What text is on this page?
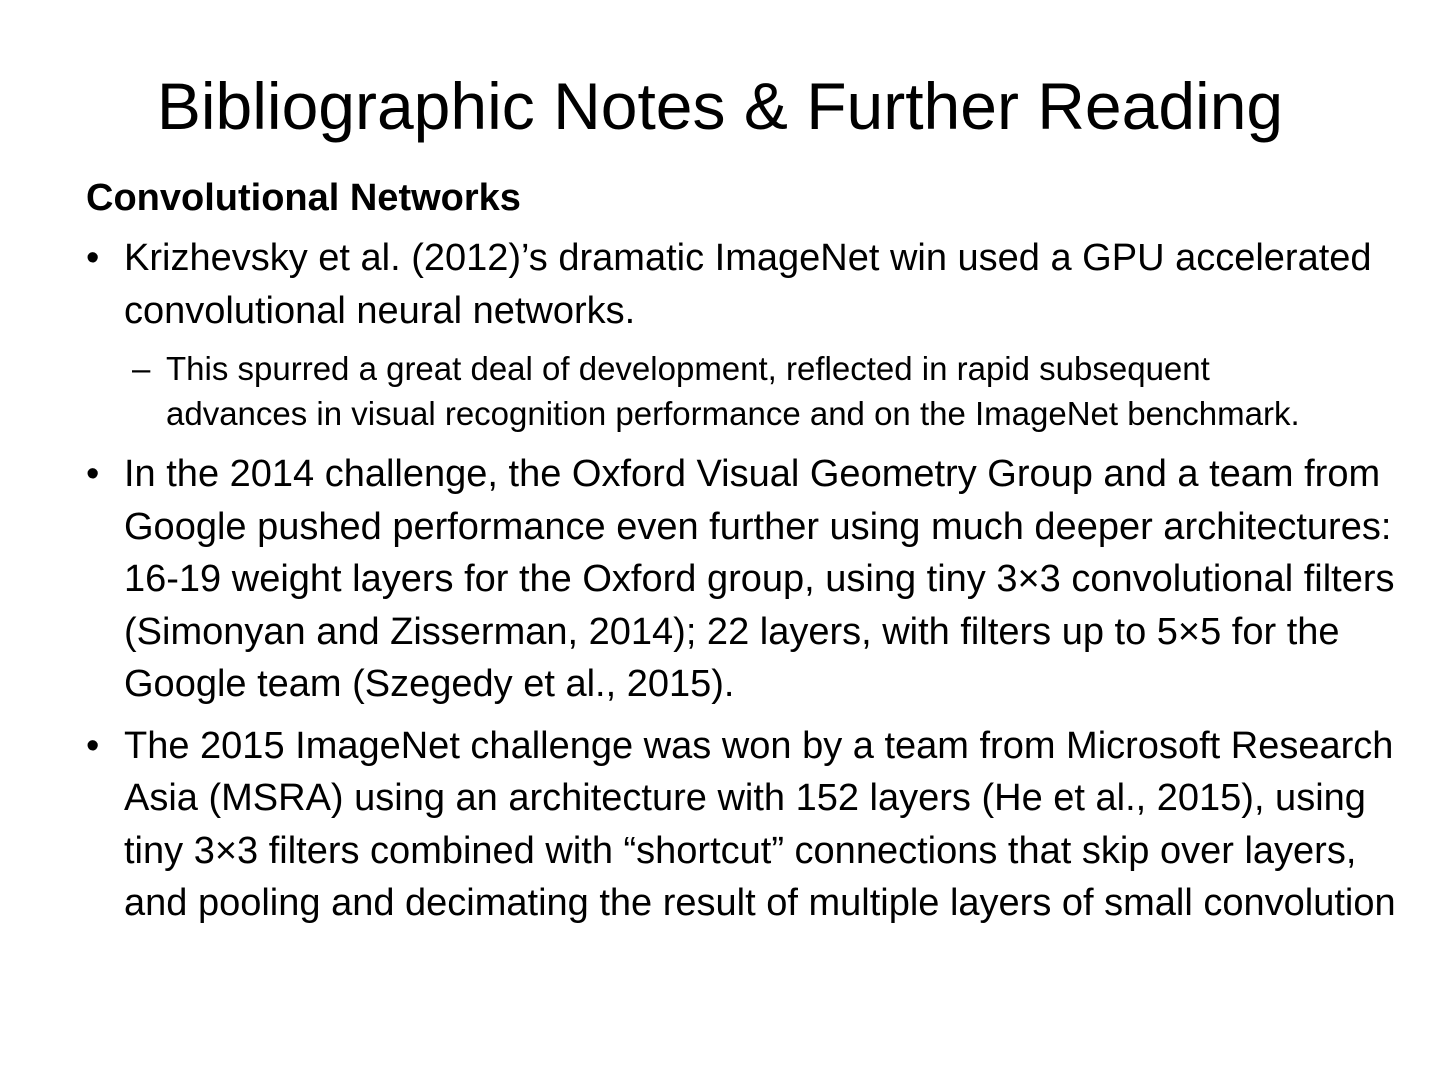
Bibliographic Notes & Further Reading
Convolutional Networks
• Krizhevsky et al. (2012)’s dramatic ImageNet win used a GPU accelerated convolutional neural networks.
– This spurred a great deal of development, reflected in rapid subsequent advances in visual recognition performance and on the ImageNet benchmark.
• In the 2014 challenge, the Oxford Visual Geometry Group and a team from Google pushed performance even further using much deeper architectures: 16-19 weight layers for the Oxford group, using tiny 3×3 convolutional filters (Simonyan and Zisserman, 2014); 22 layers, with filters up to 5×5 for the Google team (Szegedy et al., 2015).
• The 2015 ImageNet challenge was won by a team from Microsoft Research Asia (MSRA) using an architecture with 152 layers (He et al., 2015), using tiny 3×3 filters combined with “shortcut” connections that skip over layers, and pooling and decimating the result of multiple layers of small convolution
